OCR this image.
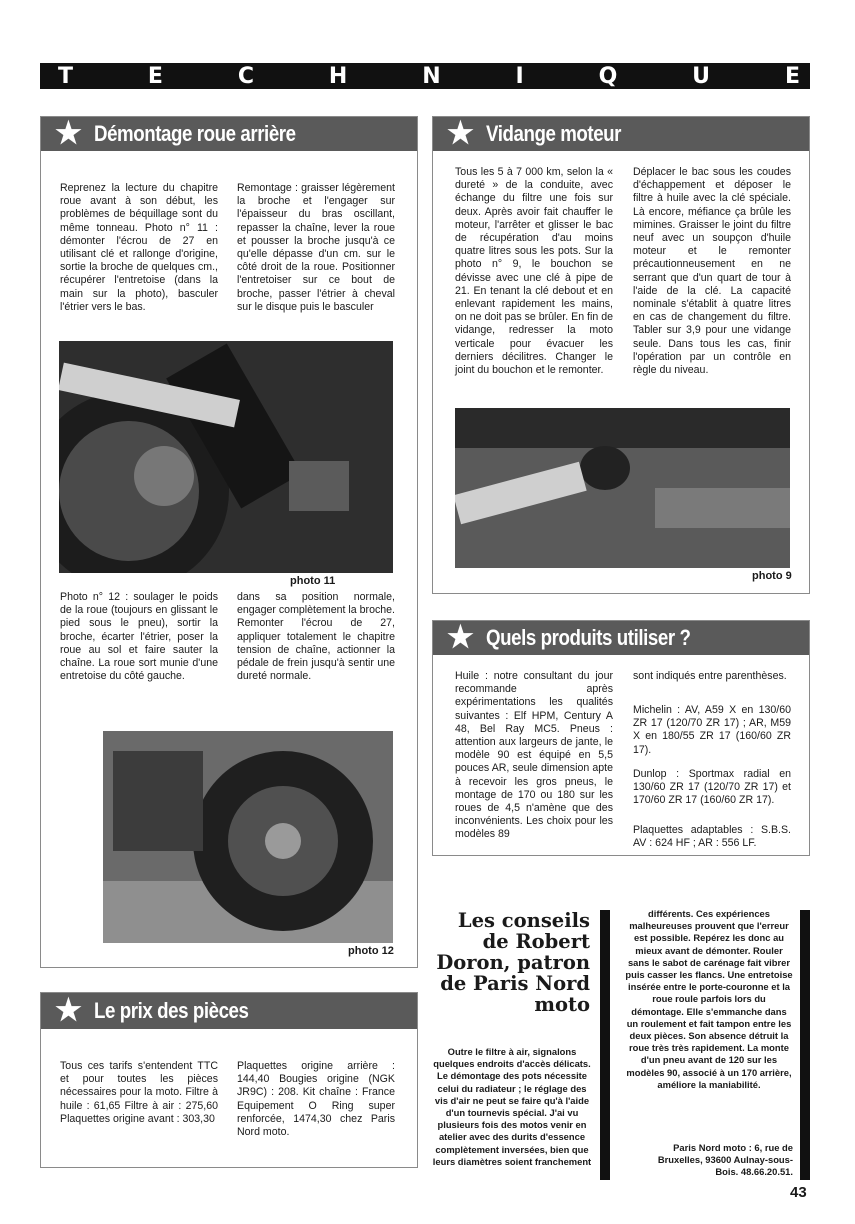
T	E	C	H	N	I	Q	U	E
★ Démontage roue arrière
Reprenez la lecture du chapitre roue avant à son début, les problèmes de béquillage sont du même tonneau. Photo n° 11 : démonter l'écrou de 27 en utilisant clé et rallonge d'origine, sortie la broche de quelques cm., récupérer l'entretoise (dans la main sur la photo), basculer l'étrier vers le bas.
Remontage : graisser légèrement la broche et l'engager sur l'épaisseur du bras oscillant, repasser la chaîne, lever la roue et pousser la broche jusqu'à ce qu'elle dépasse d'un cm. sur le côté droit de la roue. Positionner l'entretoiser sur ce bout de broche, passer l'étrier à cheval sur le disque puis le basculer
photo 11
Photo n° 12 : soulager le poids de la roue (toujours en glissant le pied sous le pneu), sortir la broche, écarter l'étrier, poser la roue au sol et faire sauter la chaîne. La roue sort munie d'une entretoise du côté gauche.
dans sa position normale, engager complètement la broche. Remonter l'écrou de 27, appliquer totalement le chapitre tension de chaîne, actionner la pédale de frein jusqu'à sentir une dureté normale.
photo 12
★ Vidange moteur
Tous les 5 à 7 000 km, selon la « dureté » de la conduite, avec échange du filtre une fois sur deux. Après avoir fait chauffer le moteur, l'arrêter et glisser le bac de récupération d'au moins quatre litres sous les pots. Sur la photo n° 9, le bouchon se dévisse avec une clé à pipe de 21. En tenant la clé debout et en enlevant rapidement les mains, on ne doit pas se brûler. En fin de vidange, redresser la moto verticale pour évacuer les derniers décilitres. Changer le joint du bouchon et le remonter.
Déplacer le bac sous les coudes d'échappement et déposer le filtre à huile avec la clé spéciale. Là encore, méfiance ça brûle les mimines. Graisser le joint du filtre neuf avec un soupçon d'huile moteur et le remonter précautionneusement en ne serrant que d'un quart de tour à l'aide de la clé. La capacité nominale s'établit à quatre litres en cas de changement du filtre. Tabler sur 3,9 pour une vidange seule. Dans tous les cas, finir l'opération par un contrôle en règle du niveau.
photo 9
★ Quels produits utiliser ?
Huile : notre consultant du jour recommande après expérimentations les qualités suivantes : Elf HPM, Century A 48, Bel Ray MC5. Pneus : attention aux largeurs de jante, le modèle 90 est équipé en 5,5 pouces AR, seule dimension apte à recevoir les gros pneus, le montage de 170 ou 180 sur les roues de 4,5 n'amène que des inconvénients. Les choix pour les modèles 89
sont indiqués entre parenthèses.
Michelin : AV, A59 X en 130/60 ZR 17 (120/70 ZR 17) ; AR, M59 X en 180/55 ZR 17 (160/60 ZR 17).
Dunlop : Sportmax radial en 130/60 ZR 17 (120/70 ZR 17) et 170/60 ZR 17 (160/60 ZR 17).
Plaquettes adaptables : S.B.S. AV : 624 HF ; AR : 556 LF.
★ Le prix des pièces
Tous ces tarifs s'entendent TTC et pour toutes les pièces nécessaires pour la moto. Filtre à huile : 61,65 Filtre à air : 275,60 Plaquettes origine avant : 303,30
Plaquettes origine arrière : 144,40 Bougies origine (NGK JR9C) : 208. Kit chaîne : France Equipement O Ring super renforcée, 1474,30 chez Paris Nord moto.
Les conseils de Robert Doron, patron de Paris Nord moto
Outre le filtre à air, signalons quelques endroits d'accès délicats. Le démontage des pots nécessite celui du radiateur ; le réglage des vis d'air ne peut se faire qu'à l'aide d'un tournevis spécial. J'ai vu plusieurs fois des motos venir en atelier avec des durits d'essence complètement inversées, bien que leurs diamètres soient franchement
différents. Ces expériences malheureuses prouvent que l'erreur est possible. Repérez les donc au mieux avant de démonter. Rouler sans le sabot de carénage fait vibrer puis casser les flancs. Une entretoise insérée entre le porte-couronne et la roue roule parfois lors du démontage. Elle s'emmanche dans un roulement et fait tampon entre les deux pièces. Son absence détruit la roue très très rapidement. La monte d'un pneu avant de 120 sur les modèles 90, associé à un 170 arrière, améliore la maniabilité.
Paris Nord moto : 6, rue de Bruxelles, 93600 Aulnay-sous-Bois. 48.66.20.51.
43
